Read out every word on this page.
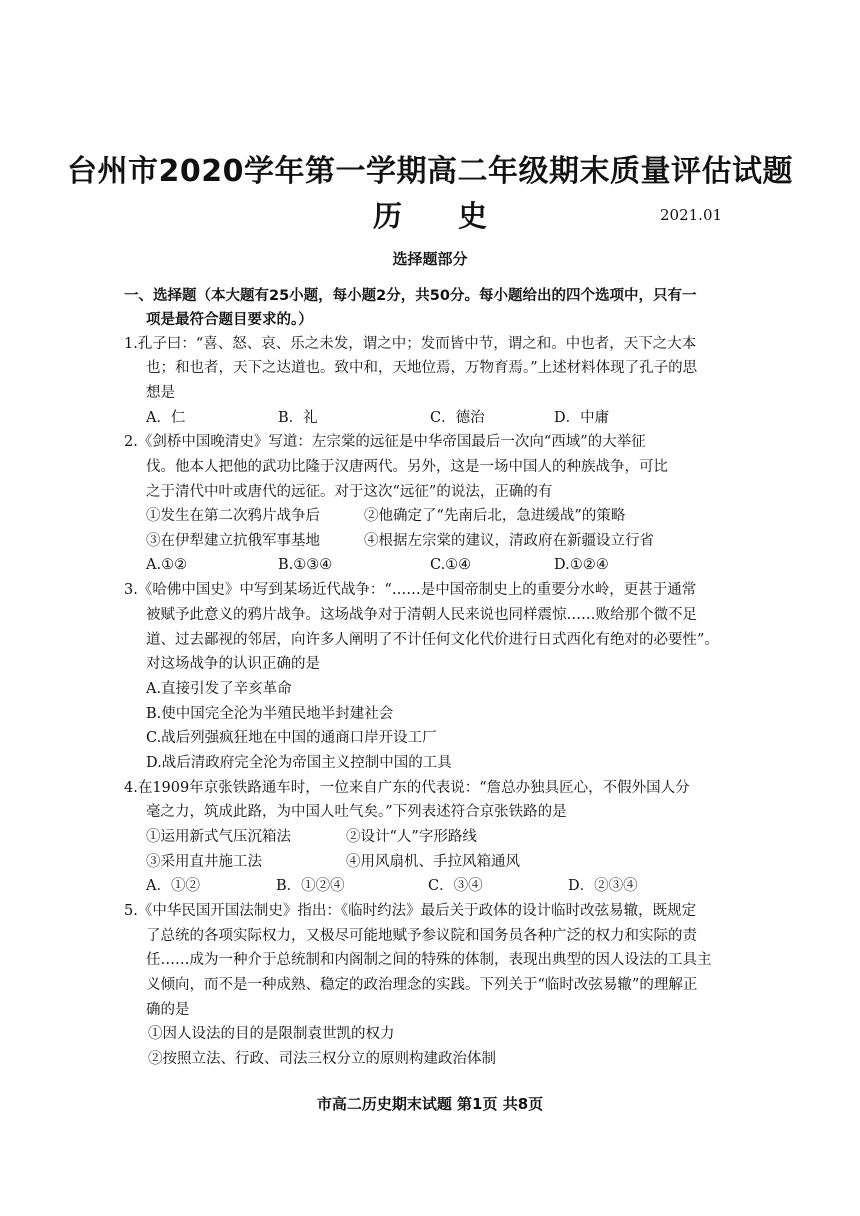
台州市2020学年第一学期高二年级期末质量评估试题
历史	2021.01
选择题部分
一、选择题（本大题有25小题，每小题2分，共50分。每小题给出的四个选项中，只有一
项是最符合题目要求的。）
1.孔子曰：“喜、怒、哀、乐之未发，谓之中；发而皆中节，谓之和。中也者，天下之大本
也；和也者，天下之达道也。致中和，天地位焉，万物育焉。”上述材料体现了孔子的思
想是
A．仁	B．礼	C．德治	D．中庸
2.《剑桥中国晚清史》写道：左宗棠的远征是中华帝国最后一次向“西域”的大举征
伐。他本人把他的武功比隆于汉唐两代。另外，这是一场中国人的种族战争，可比
之于清代中叶或唐代的远征。对于这次“远征”的说法，正确的有
①发生在第二次鸦片战争后	②他确定了“先南后北，急进缓战”的策略
③在伊犁建立抗俄军事基地	④根据左宗棠的建议，清政府在新疆设立行省
A.①②	B.①③④	C.①④	D.①②④
3.《哈佛中国史》中写到某场近代战争：“……是中国帝制史上的重要分水岭，更甚于通常
被赋予此意义的鸦片战争。这场战争对于清朝人民来说也同样震惊……败给那个微不足
道、过去鄙视的邻居，向许多人阐明了不计任何文化代价进行日式西化有绝对的必要性”。
对这场战争的认识正确的是
A.直接引发了辛亥革命
B.使中国完全沦为半殖民地半封建社会
C.战后列强疯狂地在中国的通商口岸开设工厂
D.战后清政府完全沦为帝国主义控制中国的工具
4.在1909年京张铁路通车时，一位来自广东的代表说：“詹总办独具匠心，不假外国人分
毫之力，筑成此路，为中国人吐气矣。”下列表述符合京张铁路的是
①运用新式气压沉箱法	②设计“人”字形路线
③采用直井施工法	④用风扇机、手拉风箱通风
A．①②	B．①②④	C．③④	D．②③④
5.《中华民国开国法制史》指出：《临时约法》最后关于政体的设计临时改弦易辙，既规定
了总统的各项实际权力，又极尽可能地赋予参议院和国务员各种广泛的权力和实际的责
任……成为一种介于总统制和内阁制之间的特殊的体制，表现出典型的因人设法的工具主
义倾向，而不是一种成熟、稳定的政治理念的实践。下列关于“临时改弦易辙”的理解正
确的是
①因人设法的目的是限制袁世凯的权力
②按照立法、行政、司法三权分立的原则构建政治体制
市高二历史期末试题 第1页 共8页
